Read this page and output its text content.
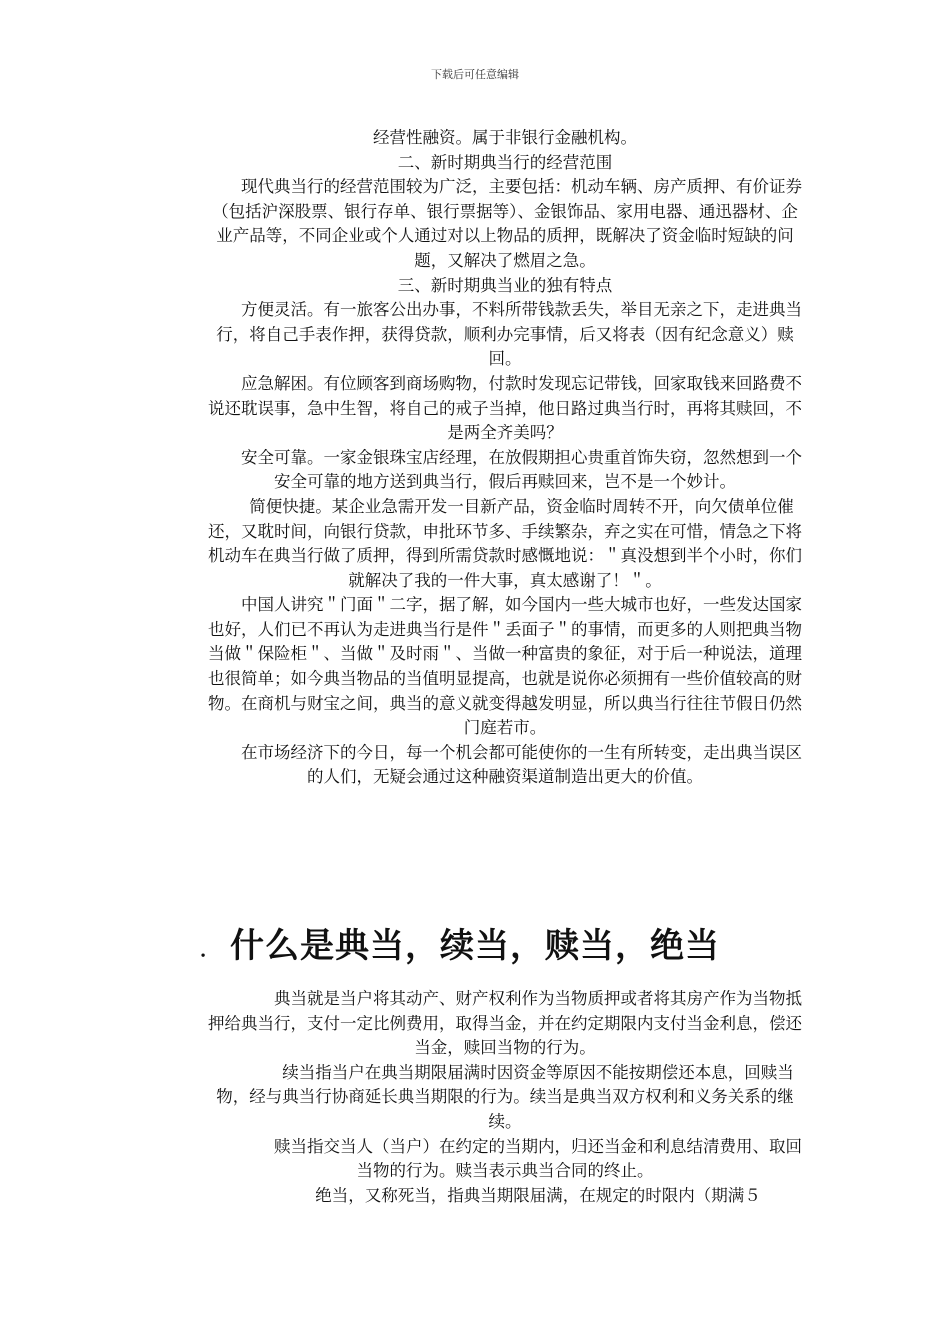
下载后可任意编辑

经营性融资。属于非银行金融机构。

二、新时期典当行的经营范围

现代典当行的经营范围较为广泛，主要包括：机动车辆、房产质押、有价证券（包括沪深股票、银行存单、银行票据等）、金银饰品、家用电器、通迅器材、企业产品等，不同企业或个人通过对以上物品的质押，既解决了资金临时短缺的问题，又解决了燃眉之急。

三、新时期典当业的独有特点

方便灵活。有一旅客公出办事，不料所带钱款丢失，举目无亲之下，走进典当行，将自己手表作押，获得贷款，顺利办完事情，后又将表（因有纪念意义）赎回。

应急解困。有位顾客到商场购物，付款时发现忘记带钱，回家取钱来回路费不说还耽误事，急中生智，将自己的戒子当掉，他日路过典当行时，再将其赎回，不是两全齐美吗？

安全可靠。一家金银珠宝店经理，在放假期担心贵重首饰失窃，忽然想到一个安全可靠的地方送到典当行，假后再赎回来，岂不是一个妙计。

简便快捷。某企业急需开发一目新产品，资金临时周转不开，向欠债单位催还，又耽时间，向银行贷款，申批环节多、手续繁杂，弃之实在可惜，情急之下将机动车在典当行做了质押，得到所需贷款时感慨地说：＂真没想到半个小时，你们就解决了我的一件大事，真太感谢了！＂。

中国人讲究＂门面＂二字，据了解，如今国内一些大城市也好，一些发达国家也好，人们已不再认为走进典当行是件＂丢面子＂的事情，而更多的人则把典当物当做＂保险柜＂、当做＂及时雨＂、当做一种富贵的象征，对于后一种说法，道理也很简单；如今典当物品的当值明显提高，也就是说你必须拥有一些价值较高的财物。在商机与财宝之间，典当的意义就变得越发明显，所以典当行往往节假日仍然门庭若市。

在市场经济下的今日，每一个机会都可能使你的一生有所转变，走出典当误区的人们，无疑会通过这种融资渠道制造出更大的价值。

． 什么是典当，续当，赎当，绝当

典当就是当户将其动产、财产权利作为当物质押或者将其房产作为当物抵押给典当行，支付一定比例费用，取得当金，并在约定期限内支付当金利息，偿还当金，赎回当物的行为。

续当指当户在典当期限届满时因资金等原因不能按期偿还本息，回赎当物，经与典当行协商延长典当期限的行为。续当是典当双方权利和义务关系的继续。

赎当指交当人（当户）在约定的当期内，归还当金和利息结清费用、取回当物的行为。赎当表示典当合同的终止。

绝当，又称死当，指典当期限届满，在规定的时限内（期满５
